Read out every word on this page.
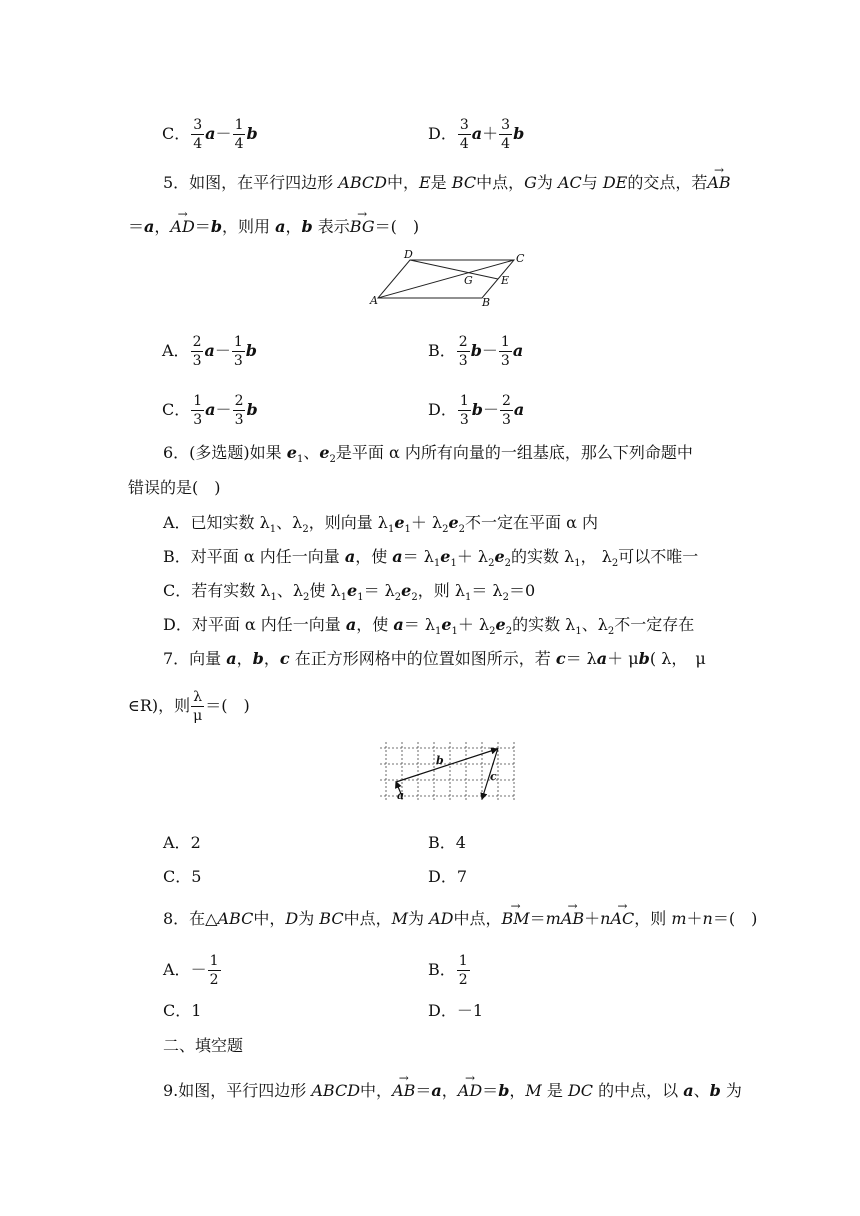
C． $\frac{3}{4} a- \frac{1}{4}$ b	D． $\frac{3}{4} a+ \frac{3}{4}$ b
5．如图，在平行四边形 ABCD中，E是 BC中点，G为 AC与 DE的交点，若→ AB
＝a，→ AD＝b，则用 a，b 表示→ BG＝(　)
A	B
C
D
E
G
A． $\frac{2}{3} a- \frac{1}{3}$ b	B． $\frac{2}{3} b- \frac{1}{3}$ a
C． $\frac{1}{3} a- \frac{2}{3}$ b	D． $\frac{1}{3} b- \frac{2}{3}$ a
6．(多选题)如果 $e_1$、$e_2$是平面 α 内所有向量的一组基底，那么下列命题中
错误的是(　)
A．已知实数 $\lambda_1$、$\lambda_2$，则向量 $\lambda_1e_1+ \lambda_2e_2$不一定在平面 α 内
B．对平面 α 内任一向量 a，使 $a= \lambda_1e_1+ \lambda_2e_2$的实数 $\lambda_1$， $\lambda_2$可以不唯一
C．若有实数 $\lambda_1$、$\lambda_2$使 $\lambda_1e_1= \lambda_2e_2$，则 $\lambda_1= \lambda_2=0$
D．对平面 α 内任一向量 a，使 $a= \lambda_1e_1+ \lambda_2e_2$的实数 $\lambda_1$、$\lambda_2$不一定存在
7．向量 a，b，c 在正方形网格中的位置如图所示，若 c＝ λa＋ μb( λ，　μ
∈R)，则 $\frac{\lambda}{\mu}$ ＝(　)
a
b
c
A．2	B．4
C．5	D．7
8．在△ABC中，D为 BC中点，M为 AD中点，→ BM＝m→ AB＋n→ AC，则 m＋n＝(　)
A．－ $\frac{1}{2}$	B． $\frac{1}{2}$
C．1	D．－1
二、填空题
9.如图，平行四边形 ABCD中，→ AB＝a，→ AD＝b，M 是 DC 的中点，以 a、b 为
